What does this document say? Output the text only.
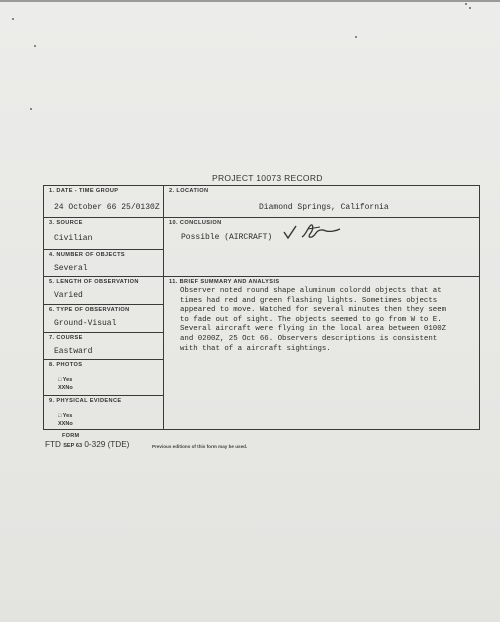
PROJECT 10073 RECORD
1. DATE - TIME GROUP
24 October 66 25/0130Z
3. SOURCE
Civilian
4. NUMBER OF OBJECTS
Several
5. LENGTH OF OBSERVATION
Varied
6. TYPE OF OBSERVATION
Ground-Visual
7. COURSE
Eastward
8. PHOTOS
□ Yes
XXNo
9. PHYSICAL EVIDENCE
□ Yes
XXNo
2. LOCATION
Diamond Springs, California
10. CONCLUSION
Possible (AIRCRAFT)
11. BRIEF SUMMARY AND ANALYSIS
Observer noted round shape aluminum colordd objects that at
times had red and green flashing lights. Sometimes objects
appeared to move. Watched for several minutes then they seem
to fade out of sight. The objects seemed to go from W to E.
Several aircraft were flying in the local area between 0100Z
and 0200Z, 25 Oct 66. Observers descriptions is consistent
with that of a aircraft sightings.
FORM
FTD SEP 63 0-329 (TDE)	Previous editions of this form may be used.
